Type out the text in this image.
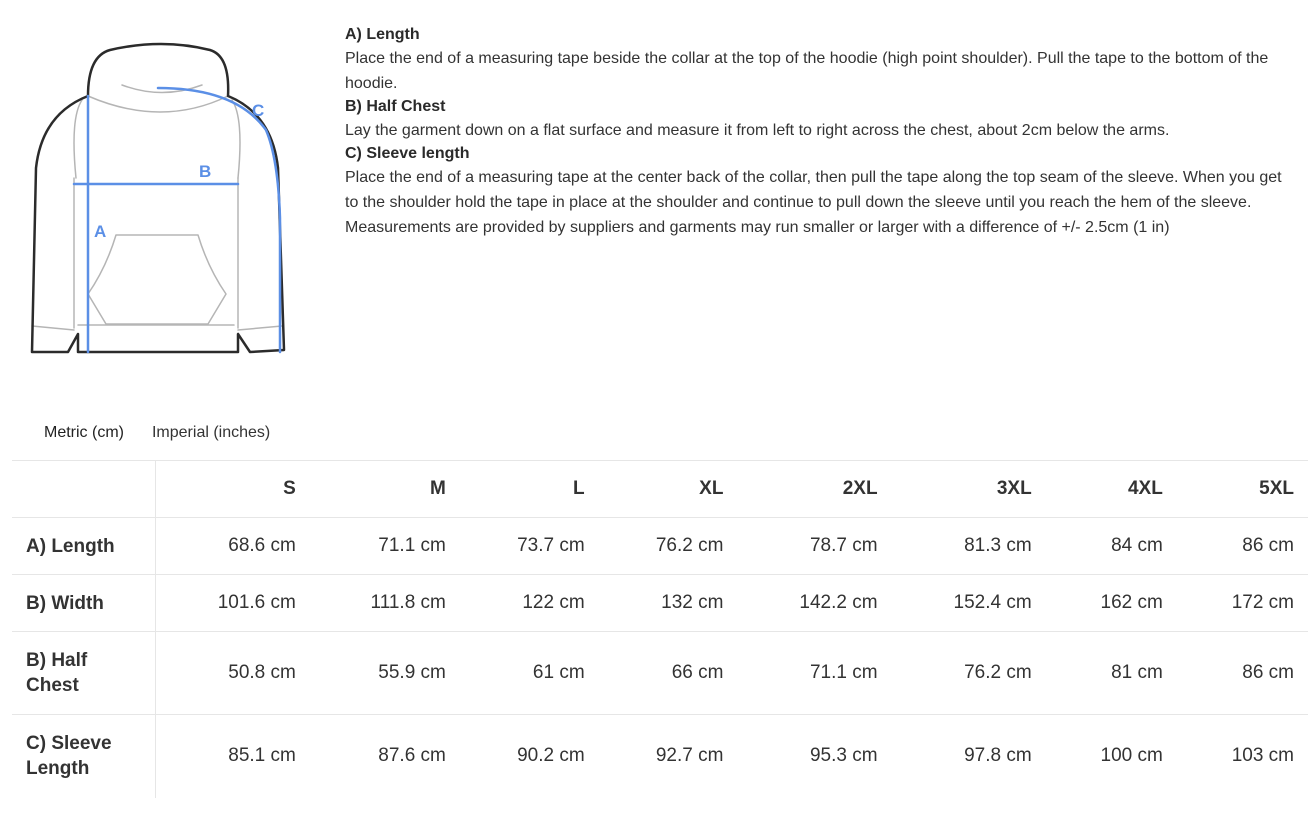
A
B
C
A) Length

Place the end of a measuring tape beside the collar at the top of the hoodie (high point shoulder). Pull the tape to the bottom of the hoodie.

B) Half Chest

Lay the garment down on a flat surface and measure it from left to right across the chest, about 2cm below the arms.

C) Sleeve length

Place the end of a measuring tape at the center back of the collar, then pull the tape along the top seam of the sleeve. When you get to the shoulder hold the tape in place at the shoulder and continue to pull down the sleeve until you reach the hem of the sleeve.

Measurements are provided by suppliers and garments may run smaller or larger with a difference of +/- 2.5cm (1 in)

Metric (cm)	Imperial (inches)
	S	M	L	XL	2XL	3XL	4XL	5XL
A) Length	68.6 cm	71.1 cm	73.7 cm	76.2 cm	78.7 cm	81.3 cm	84 cm	86 cm
B) Width	101.6 cm	111.8 cm	122 cm	132 cm	142.2 cm	152.4 cm	162 cm	172 cm
B) Half Chest	50.8 cm	55.9 cm	61 cm	66 cm	71.1 cm	76.2 cm	81 cm	86 cm
C) Sleeve Length	85.1 cm	87.6 cm	90.2 cm	92.7 cm	95.3 cm	97.8 cm	100 cm	103 cm
